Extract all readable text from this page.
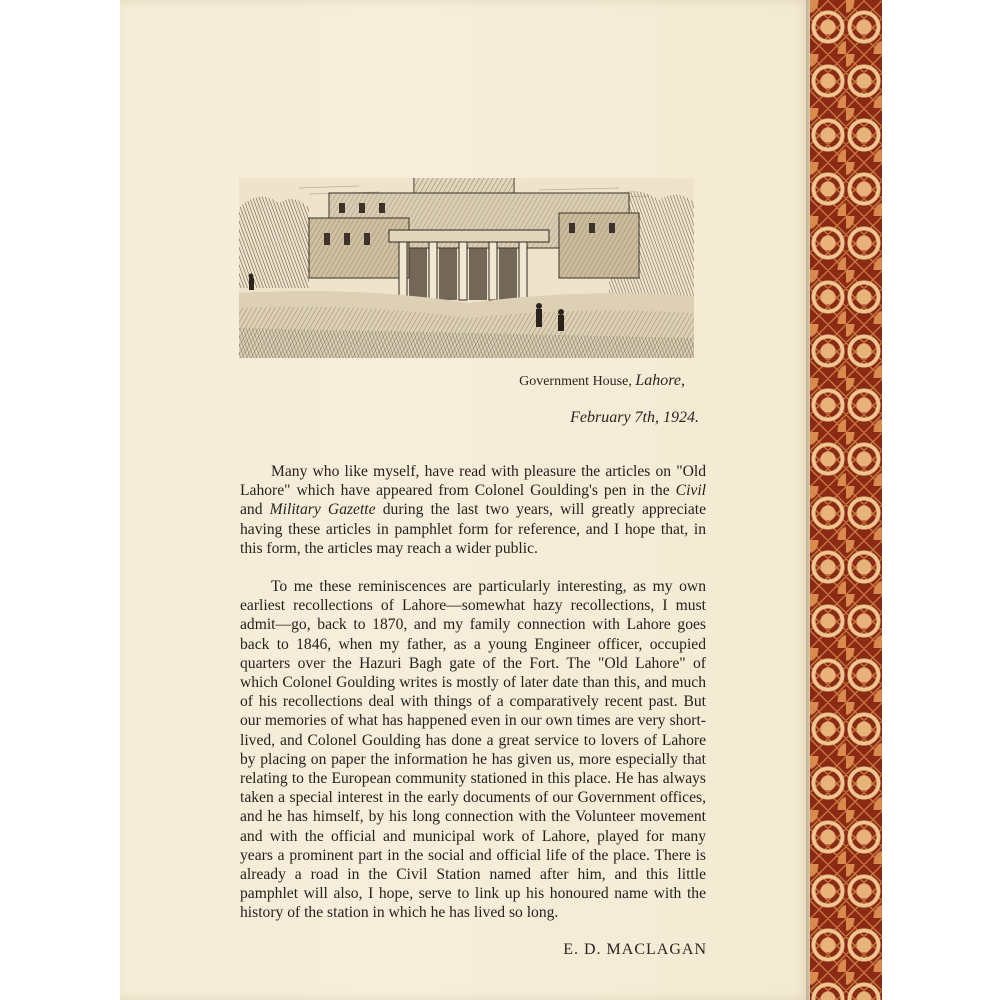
Government House, Lahore,
February 7th, 1924.

Many who like myself, have read with pleasure the articles on "Old Lahore" which have appeared from Colonel Goulding's pen in the Civil and Military Gazette during the last two years, will greatly appreciate having these articles in pamphlet form for reference, and I hope that, in this form, the articles may reach a wider public.

To me these reminiscences are particularly interesting, as my own earliest recollections of Lahore—somewhat hazy recollections, I must admit—go, back to 1870, and my family connection with Lahore goes back to 1846, when my father, as a young Engineer officer, occupied quarters over the Hazuri Bagh gate of the Fort. The "Old Lahore" of which Colonel Goulding writes is mostly of later date than this, and much of his recollections deal with things of a comparatively recent past. But our memories of what has happened even in our own times are very short-lived, and Colonel Goulding has done a great service to lovers of Lahore by placing on paper the information he has given us, more especially that relating to the European community stationed in this place. He has always taken a special interest in the early documents of our Government offices, and he has himself, by his long connection with the Volunteer movement and with the official and municipal work of Lahore, played for many years a prominent part in the social and official life of the place. There is already a road in the Civil Station named after him, and this little pamphlet will also, I hope, serve to link up his honoured name with the history of the station in which he has lived so long.

E. D. MACLAGAN
